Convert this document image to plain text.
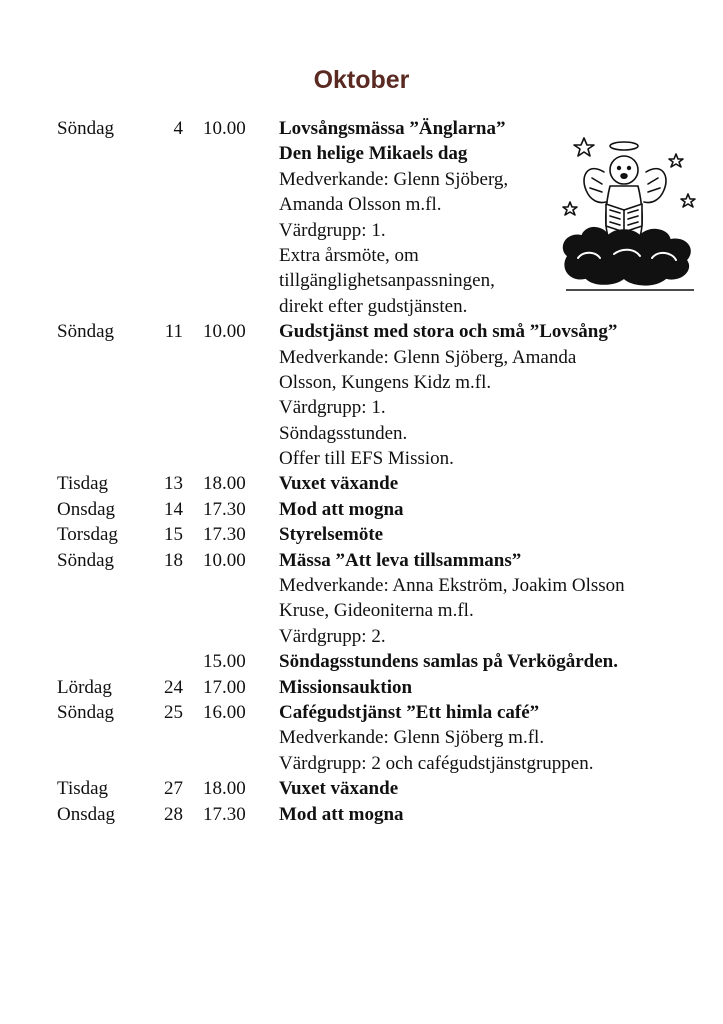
Oktober
Söndag	4 10.00 Lovsångsmässa ”Änglarna”
Den helige Mikaels dag
Medverkande: Glenn Sjöberg,
Amanda Olsson m.fl.
Värdgrupp: 1.
Extra årsmöte, om
tillgänglighetsanpassningen,
direkt efter gudstjänsten.
Söndag	11 10.00 Gudstjänst med stora och små ”Lovsång”
Medverkande: Glenn Sjöberg, Amanda
Olsson, Kungens Kidz m.fl.
Värdgrupp: 1.
Söndagsstunden.
Offer till EFS Mission.
Tisdag	13 18.00 Vuxet växande
Onsdag	14 17.30 Mod att mogna
Torsdag	15 17.30 Styrelsemöte
Söndag	18 10.00 Mässa ”Att leva tillsammans”
Medverkande: Anna Ekström, Joakim Olsson
Kruse, Gideoniterna m.fl.
Värdgrupp: 2.
15.00 Söndagsstundens samlas på Verkögården.
Lördag	24 17.00 Missionsauktion
Söndag	25 16.00 Cafégudstjänst ”Ett himla café”
Medverkande: Glenn Sjöberg m.fl.
Värdgrupp: 2 och cafégudstjänstgruppen.
Tisdag	27 18.00 Vuxet växande
Onsdag	28 17.30 Mod att mogna
